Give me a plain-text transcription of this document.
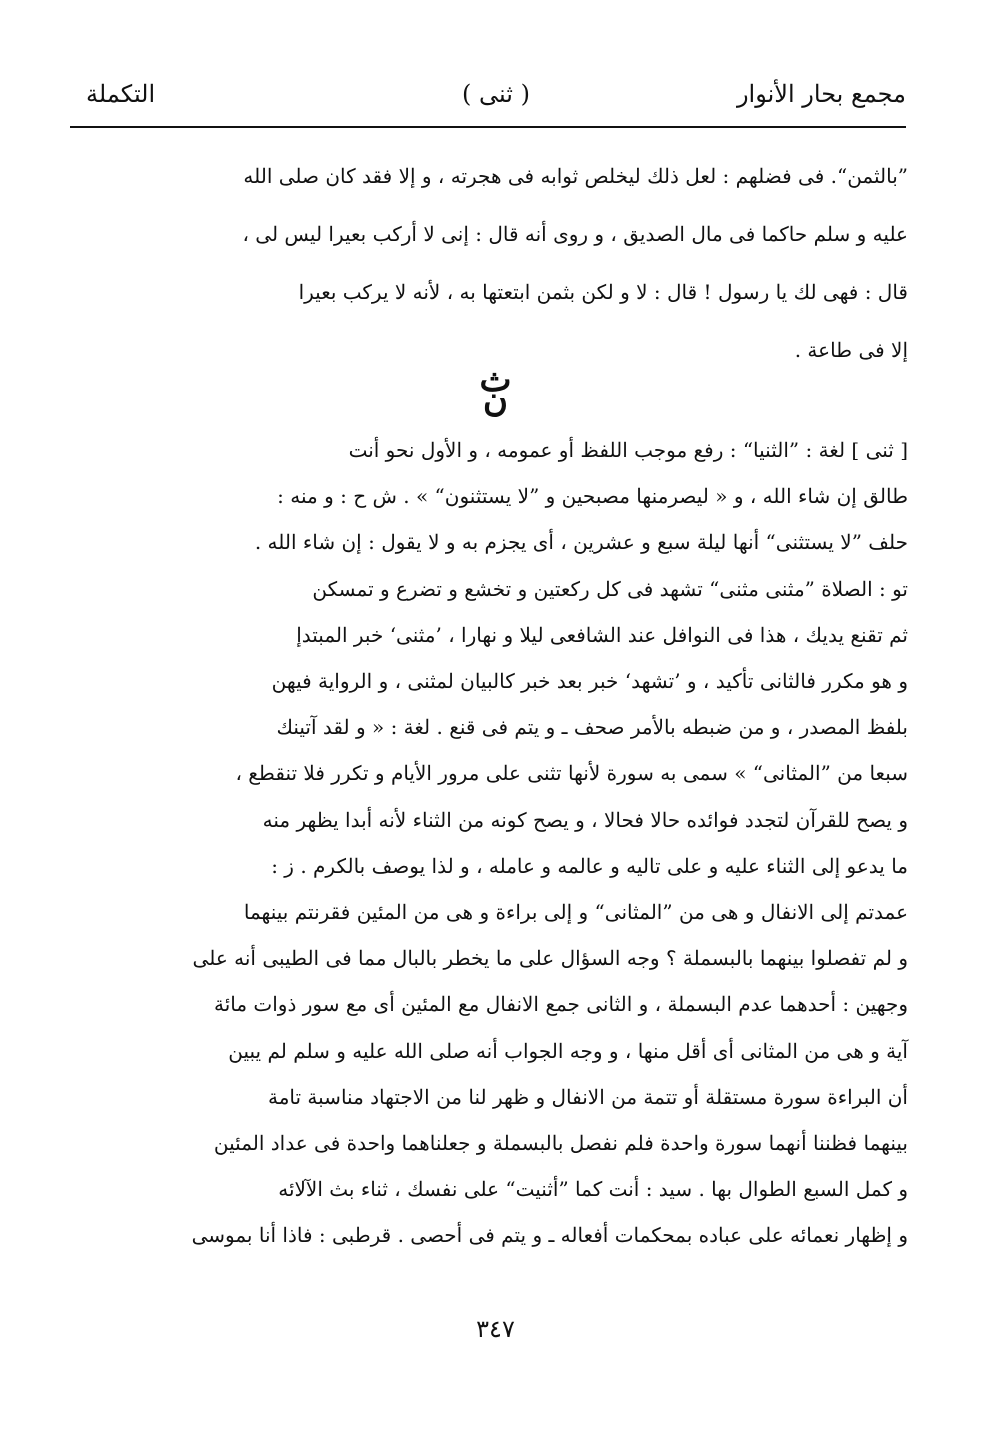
مجمع بحار الأنوار
( ثنى )
التكملة
”بالثمن“. فى فضلهم : لعل ذلك ليخلص ثوابه فى هجرته ، و إلا فقد كان صلى الله
عليه و سلم حاكما فى مال الصديق ، و روى أنه قال : إنى لا أركب بعيرا ليس لى ،
قال : فهى لك يا رسول ! قال : لا و لكن بثمن ابتعتها به ، لأنه لا يركب بعيرا
إلا فى طاعة .
ث
ن
[ ثنى ] لغة : ”الثنيا“ : رفع موجب اللفظ أو عمومه ، و الأول نحو أنت
طالق إن شاء الله ، و « ليصرمنها مصبحين و ”لا يستثنون“ » . ش ح : و منه :
حلف ”لا يستثنى“ أنها ليلة سبع و عشرين ، أى يجزم به و لا يقول : إن شاء الله .
تو : الصلاة ”مثنى مثنى“ تشهد فى كل ركعتين و تخشع و تضرع و تمسكن
ثم تقنع يديك ، هذا فى النوافل عند الشافعى ليلا و نهارا ، ’مثنى‘ خبر المبتدإ
و هو مكرر فالثانى تأكيد ، و ’تشهد‘ خبر بعد خبر كالبيان لمثنى ، و الرواية فيهن
بلفظ المصدر ، و من ضبطه بالأمر صحف ـ و يتم فى قنع . لغة : « و لقد آتينك
سبعا من ”المثانى“ » سمى به سورة لأنها تثنى على مرور الأيام و تكرر فلا تنقطع ،
و يصح للقرآن لتجدد فوائده حالا فحالا ، و يصح كونه من الثناء لأنه أبدا يظهر منه
ما يدعو إلى الثناء عليه و على تاليه و عالمه و عامله ، و لذا يوصف بالكرم . ز :
عمدتم إلى الانفال و هى من ”المثانى“ و إلى براءة و هى من المئين فقرنتم بينهما
و لم تفصلوا بينهما بالبسملة ؟ وجه السؤال على ما يخطر بالبال مما فى الطيبى أنه على
وجهين : أحدهما عدم البسملة ، و الثانى جمع الانفال مع المئين أى مع سور ذوات مائة
آية و هى من المثانى أى أقل منها ، و وجه الجواب أنه صلى الله عليه و سلم لم يبين
أن البراءة سورة مستقلة أو تتمة من الانفال و ظهر لنا من الاجتهاد مناسبة تامة
بينهما فظننا أنهما سورة واحدة فلم نفصل بالبسملة و جعلناهما واحدة فى عداد المئين
و كمل السبع الطوال بها . سيد : أنت كما ”أثنيت“ على نفسك ، ثناء بث الآلائه
و إظهار نعمائه على عباده بمحكمات أفعاله ـ و يتم فى أحصى . قرطبى : فاذا أنا بموسى
٣٤٧
